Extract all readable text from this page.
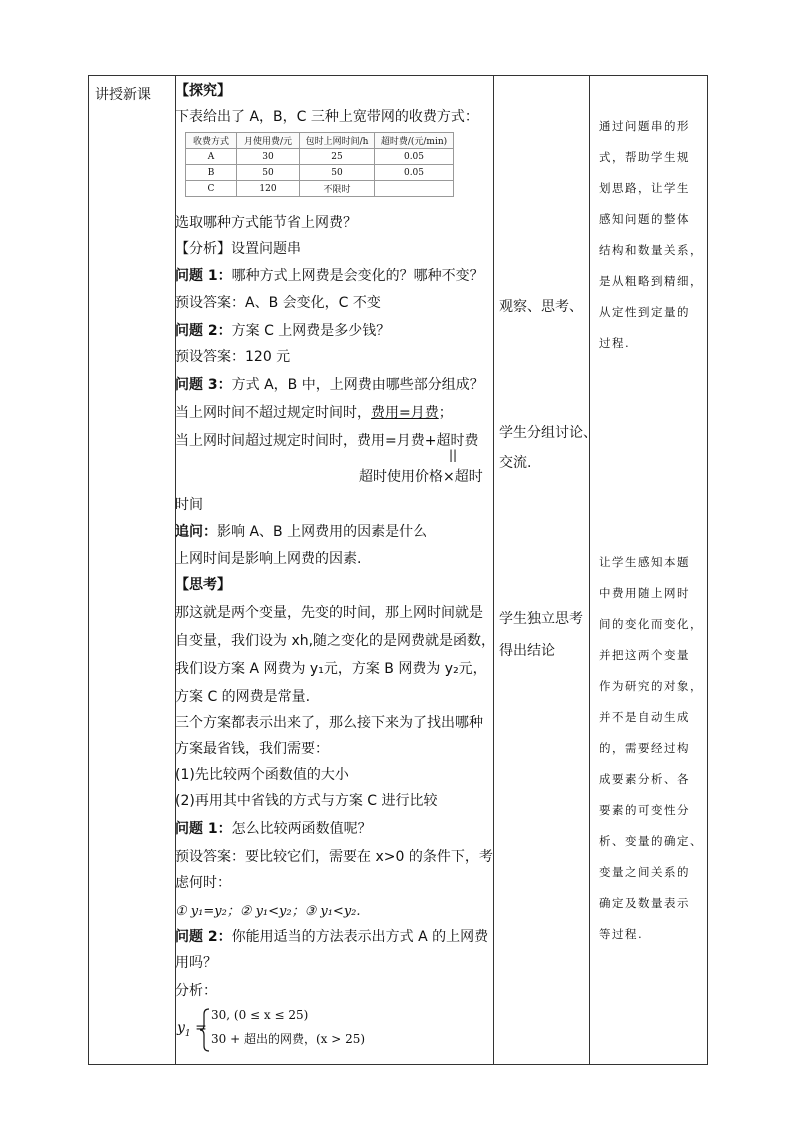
讲授新课 【探究】
下表给出了 A，B，C 三种上宽带网的收费方式：
收费方式	月使用费/元	包时上网时间/h	超时费/(元/min)
A	30	25	0.05
B	50	50	0.05
C	120	不限时	
选取哪种方式能节省上网费？
【分析】设置问题串
问题 1：哪种方式上网费是会变化的？哪种不变？
预设答案：A、B 会变化，C 不变
问题 2：方案 C 上网费是多少钱？
预设答案：120 元
问题 3：方式 A，B 中，上网费由哪些部分组成？
当上网时间不超过规定时间时，费用=月费；
当上网时间超过规定时间时，费用=月费+超时费
||
超时使用价格×超时
时间
追问：影响 A、B 上网费用的因素是什么
上网时间是影响上网费的因素.
【思考】
那这就是两个变量，先变的时间，那上网时间就是
自变量，我们设为 xh,随之变化的是网费就是函数，
我们设方案 A 网费为 y₁元，方案 B 网费为 y₂元，
方案 C 的网费是常量.
三个方案都表示出来了，那么接下来为了找出哪种
方案最省钱，我们需要：
(1)先比较两个函数值的大小
(2)再用其中省钱的方式与方案 C 进行比较
问题 1：怎么比较两函数值呢？
预设答案：要比较它们，需要在 x>0 的条件下，考
虑何时：
① y₁=y₂；② y₁<y₂；③ y₁<y₂.
问题 2：你能用适当的方法表示出方式 A 的上网费
用吗？
分析：
$y_1$ =
30, (0 ≤ x ≤ 25)
30 + 超出的网费，(x > 25)
观察、思考、
学生分组讨论、
交流.
学生独立思考
得出结论
通过问题串的形
式，帮助学生规
划思路，让学生
感知问题的整体
结构和数量关系，
是从粗略到精细，
从定性到定量的
过程.
让学生感知本题
中费用随上网时
间的变化而变化，
并把这两个变量
作为研究的对象，
并不是自动生成
的，需要经过构
成要素分析、各
要素的可变性分
析、变量的确定、
变量之间关系的
确定及数量表示
等过程.
